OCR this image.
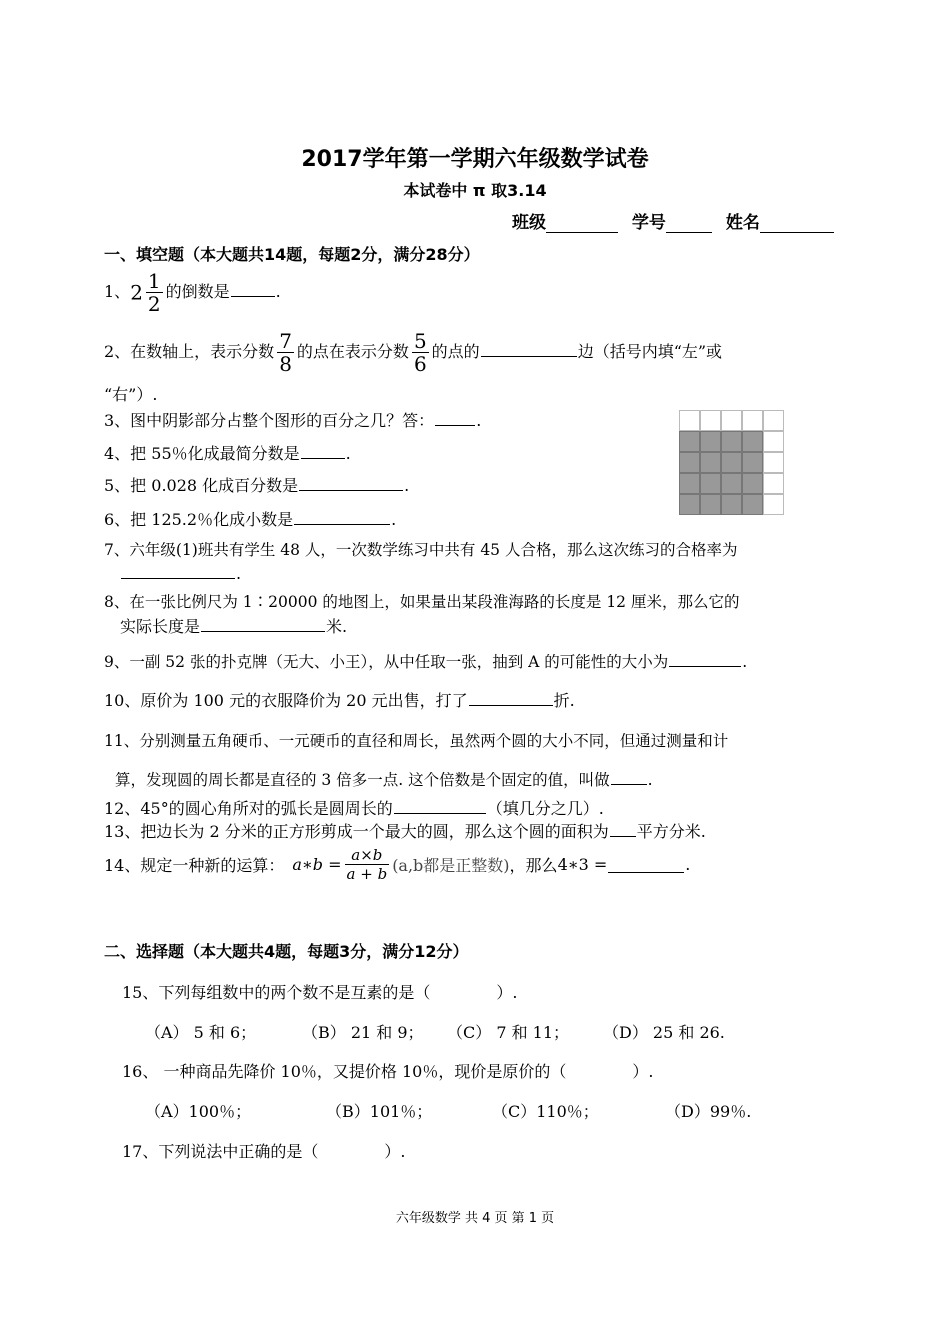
2017学年第一学期六年级数学试卷
本试卷中 π 取3.14
班级	学号	姓名
一、填空题（本大题共14题，每题2分，满分28分）
1、$2 \frac{1}{2}$ 的倒数是	.
2、在数轴上，表示分数 $\frac{7}{8}$ 的点在表示分数 $\frac{5}{6}$ 的点的	边（括号内填“左”或
“右”）.
3、图中阴影部分占整个图形的百分之几？答：	.
4、把 55％化成最简分数是	.
5、把 0.028 化成百分数是	.
6、把 125.2％化成小数是	.
7、六年级(1)班共有学生 48 人，一次数学练习中共有 45 人合格，那么这次练习的合格率为
.
8、在一张比例尺为 1∶20000 的地图上，如果量出某段淮海路的长度是 12 厘米，那么它的
实际长度是	米.
9、一副 52 张的扑克牌（无大、小王），从中任取一张，抽到 A 的可能性的大小为	.
10、原价为 100 元的衣服降价为 20 元出售，打了	折.
11、分别测量五角硬币、一元硬币的直径和周长，虽然两个圆的大小不同，但通过测量和计
算，发现圆的周长都是直径的 3 倍多一点. 这个倍数是个固定的值，叫做 .
12、45°的圆心角所对的弧长是圆周长的	（填几分之几）.
13、把边长为 2 分米的正方形剪成一个最大的圆，那么这个圆的面积为 平方分米.
14、规定一种新的运算： a∗b = $\frac{a\times b}{a + b} (a,b$都是正整数)，那么4∗3 =	.
二、选择题（本大题共4题，每题3分，满分12分）
15、下列每组数中的两个数不是互素的是（	）.
（A） 5 和 6；	（B） 21 和 9； （C） 7 和 11； （D） 25 和 26.
16、 一种商品先降价 10％，又提价格 10％，现价是原价的（	）.
（A）100％；	（B）101％；	（C）110％；	（D）99％.
17、下列说法中正确的是（	）.
六年级数学 共 4 页 第 1 页
